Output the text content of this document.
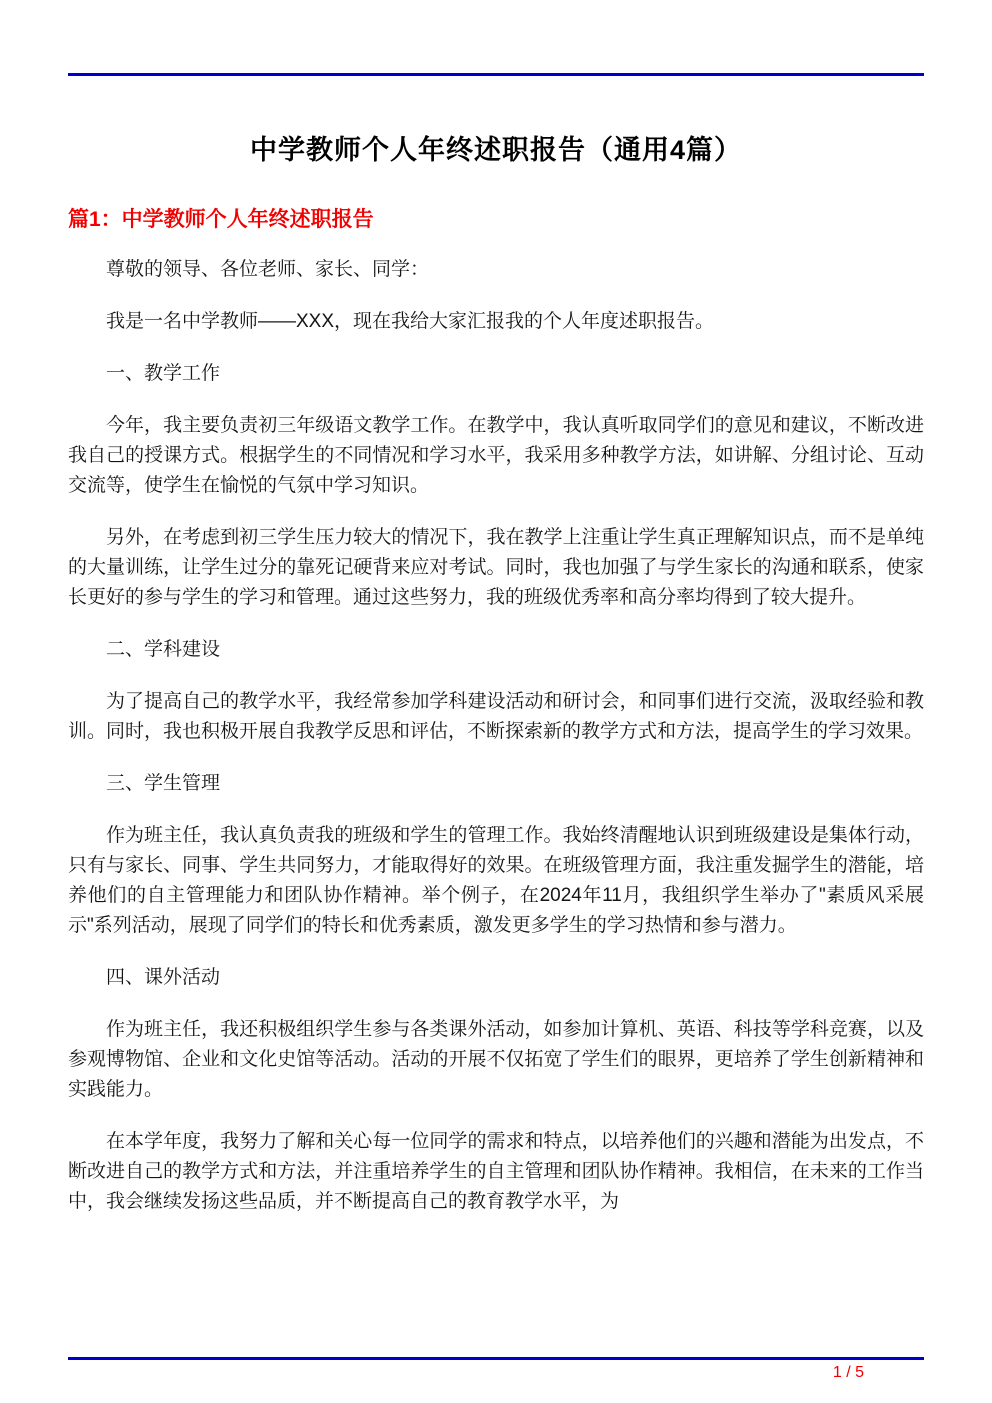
中学教师个人年终述职报告（通用4篇）
篇1：中学教师个人年终述职报告

尊敬的领导、各位老师、家长、同学：

我是一名中学教师——XXX，现在我给大家汇报我的个人年度述职报告。

一、教学工作

今年，我主要负责初三年级语文教学工作。在教学中，我认真听取同学们的意见和建议，不断改进我自己的授课方式。根据学生的不同情况和学习水平，我采用多种教学方法，如讲解、分组讨论、互动交流等，使学生在愉悦的气氛中学习知识。

另外，在考虑到初三学生压力较大的情况下，我在教学上注重让学生真正理解知识点，而不是单纯的大量训练，让学生过分的靠死记硬背来应对考试。同时，我也加强了与学生家长的沟通和联系，使家长更好的参与学生的学习和管理。通过这些努力，我的班级优秀率和高分率均得到了较大提升。

二、学科建设

为了提高自己的教学水平，我经常参加学科建设活动和研讨会，和同事们进行交流，汲取经验和教训。同时，我也积极开展自我教学反思和评估，不断探索新的教学方式和方法，提高学生的学习效果。

三、学生管理

作为班主任，我认真负责我的班级和学生的管理工作。我始终清醒地认识到班级建设是集体行动，只有与家长、同事、学生共同努力，才能取得好的效果。在班级管理方面，我注重发掘学生的潜能，培养他们的自主管理能力和团队协作精神。举个例子，在2024年11月，我组织学生举办了"素质风采展示"系列活动，展现了同学们的特长和优秀素质，激发更多学生的学习热情和参与潜力。

四、课外活动

作为班主任，我还积极组织学生参与各类课外活动，如参加计算机、英语、科技等学科竞赛，以及参观博物馆、企业和文化史馆等活动。活动的开展不仅拓宽了学生们的眼界，更培养了学生创新精神和实践能力。

在本学年度，我努力了解和关心每一位同学的需求和特点，以培养他们的兴趣和潜能为出发点，不断改进自己的教学方式和方法，并注重培养学生的自主管理和团队协作精神。我相信，在未来的工作当中，我会继续发扬这些品质，并不断提高自己的教育教学水平，为

1 / 5
